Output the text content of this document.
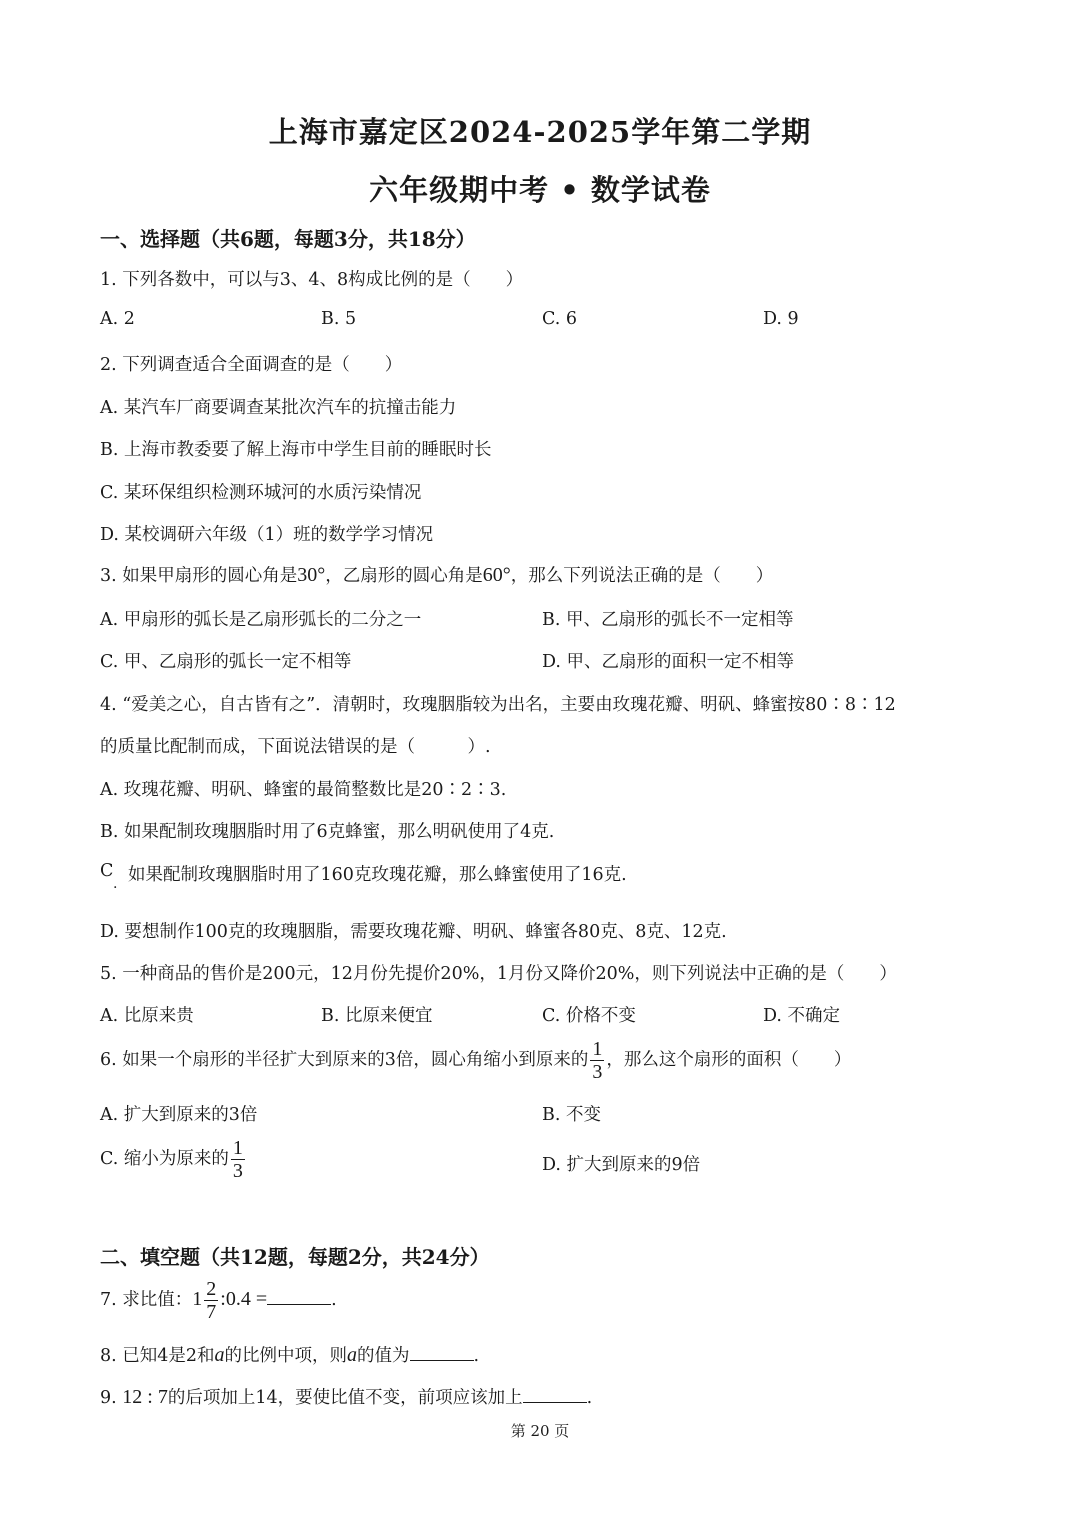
上海市嘉定区2024-2025学年第二学期
六年级期中考 • 数学试卷
一、选择题（共6题，每题3分，共18分）
1. 下列各数中，可以与3、4、8构成比例的是（　　）
A. 2	B. 5	C. 6	D. 9
2. 下列调查适合全面调查的是（　　）
A. 某汽车厂商要调查某批次汽车的抗撞击能力
B. 上海市教委要了解上海市中学生目前的睡眠时长
C. 某环保组织检测环城河的水质污染情况
D. 某校调研六年级（1）班的数学学习情况
3. 如果甲扇形的圆心角是30°，乙扇形的圆心角是60°，那么下列说法正确的是（　　）
A. 甲扇形的弧长是乙扇形弧长的二分之一	B. 甲、乙扇形的弧长不一定相等
C. 甲、乙扇形的弧长一定不相等	D. 甲、乙扇形的面积一定不相等
4. “爱美之心，自古皆有之”．清朝时，玫瑰胭脂较为出名，主要由玫瑰花瓣、明矾、蜂蜜按80∶8∶12
的质量比配制而成，下面说法错误的是（　　　）.
A. 玫瑰花瓣、明矾、蜂蜜的最简整数比是20∶2∶3.
B. 如果配制玫瑰胭脂时用了6克蜂蜜，那么明矾使用了4克.
C
. 如果配制玫瑰胭脂时用了160克玫瑰花瓣，那么蜂蜜使用了16克.
D. 要想制作100克的玫瑰胭脂，需要玫瑰花瓣、明矾、蜂蜜各80克、8克、12克.
5. 一种商品的售价是200元，12月份先提价20%，1月份又降价20%，则下列说法中正确的是（　　）
A. 比原来贵	B. 比原来便宜	C. 价格不变	D. 不确定
6. 如果一个扇形的半径扩大到原来的3倍，圆心角缩小到原来的 $\frac{1}{3}$ ，那么这个扇形的面积（　　）
A. 扩大到原来的3倍	B. 不变
C. 缩小为原来的 $\frac{1}{3}$	D. 扩大到原来的9倍
二、填空题（共12题，每题2分，共24分）
7. 求比值：$1 \frac{2}{7}$ :0.4 =	.
8. 已知4是2和a的比例中项，则a的值为	.
9. 12 : 7的后项加上14，要使比值不变，前项应该加上	.
第 20 页
